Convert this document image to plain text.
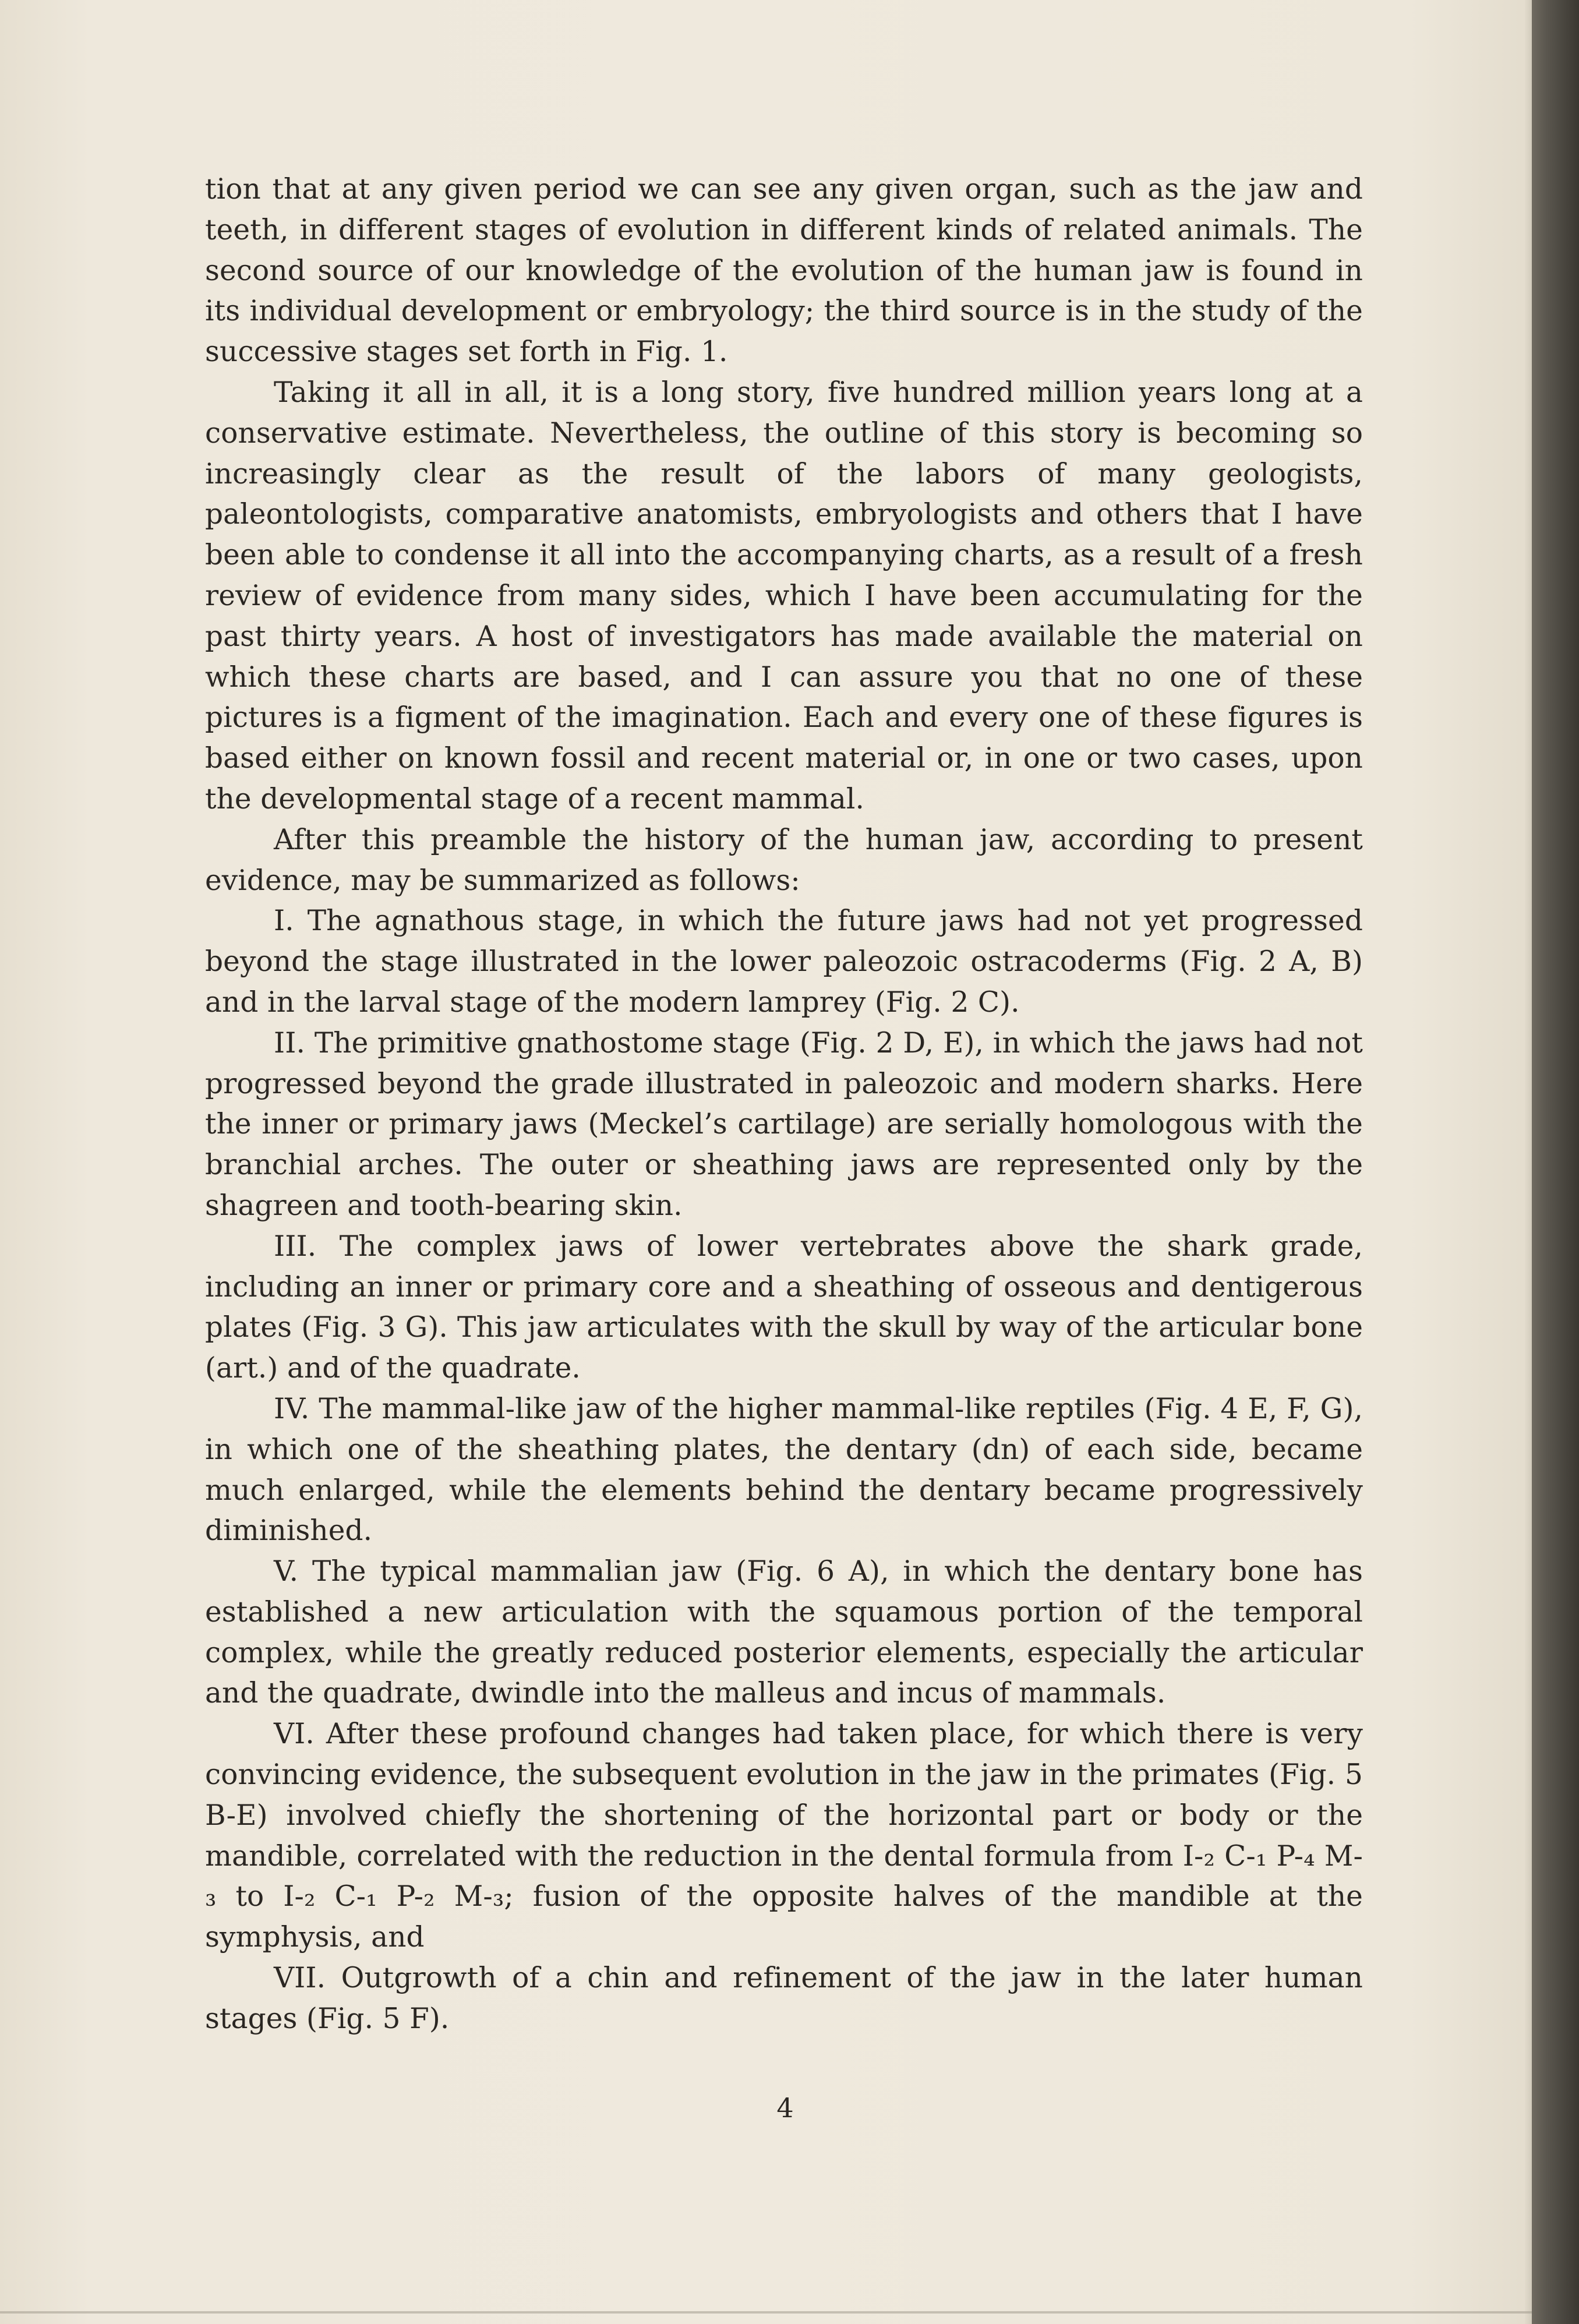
tion that at any given period we can see any given organ, such as the jaw and teeth, in different stages of evolution in different kinds of related animals. The second source of our knowledge of the evolution of the human jaw is found in its individual development or embryology; the third source is in the study of the successive stages set forth in Fig. 1.

Taking it all in all, it is a long story, five hundred million years long at a conservative estimate. Nevertheless, the outline of this story is becoming so increasingly clear as the result of the labors of many geologists, paleontologists, comparative anatomists, embryologists and others that I have been able to condense it all into the accompanying charts, as a result of a fresh review of evidence from many sides, which I have been accumulating for the past thirty years. A host of investigators has made available the material on which these charts are based, and I can assure you that no one of these pictures is a figment of the imagination. Each and every one of these figures is based either on known fossil and recent material or, in one or two cases, upon the developmental stage of a recent mammal.

After this preamble the history of the human jaw, according to present evidence, may be summarized as follows:

I. The agnathous stage, in which the future jaws had not yet progressed beyond the stage illustrated in the lower paleozoic ostracoderms (Fig. 2 A, B) and in the larval stage of the modern lamprey (Fig. 2 C).

II. The primitive gnathostome stage (Fig. 2 D, E), in which the jaws had not progressed beyond the grade illustrated in paleozoic and modern sharks. Here the inner or primary jaws (Meckel’s cartilage) are serially homologous with the branchial arches. The outer or sheathing jaws are represented only by the shagreen and tooth-bearing skin.

III. The complex jaws of lower vertebrates above the shark grade, including an inner or primary core and a sheathing of osseous and dentigerous plates (Fig. 3 G). This jaw articulates with the skull by way of the articular bone (art.) and of the quadrate.

IV. The mammal-like jaw of the higher mammal-like reptiles (Fig. 4 E, F, G), in which one of the sheathing plates, the dentary (dn) of each side, became much enlarged, while the elements behind the dentary became progressively diminished.

V. The typical mammalian jaw (Fig. 6 A), in which the dentary bone has established a new articulation with the squamous portion of the temporal complex, while the greatly reduced posterior elements, especially the articular and the quadrate, dwindle into the malleus and incus of mammals.

VI. After these profound changes had taken place, for which there is very convincing evidence, the subsequent evolution in the jaw in the primates (Fig. 5 B-E) involved chiefly the shortening of the horizontal part or body or the mandible, correlated with the reduction in the dental formula from I-₂ C-₁ P-₄ M-₃ to I-₂ C-₁ P-₂ M-₃; fusion of the opposite halves of the mandible at the symphysis, and

VII. Outgrowth of a chin and refinement of the jaw in the later human stages (Fig. 5 F).

4
